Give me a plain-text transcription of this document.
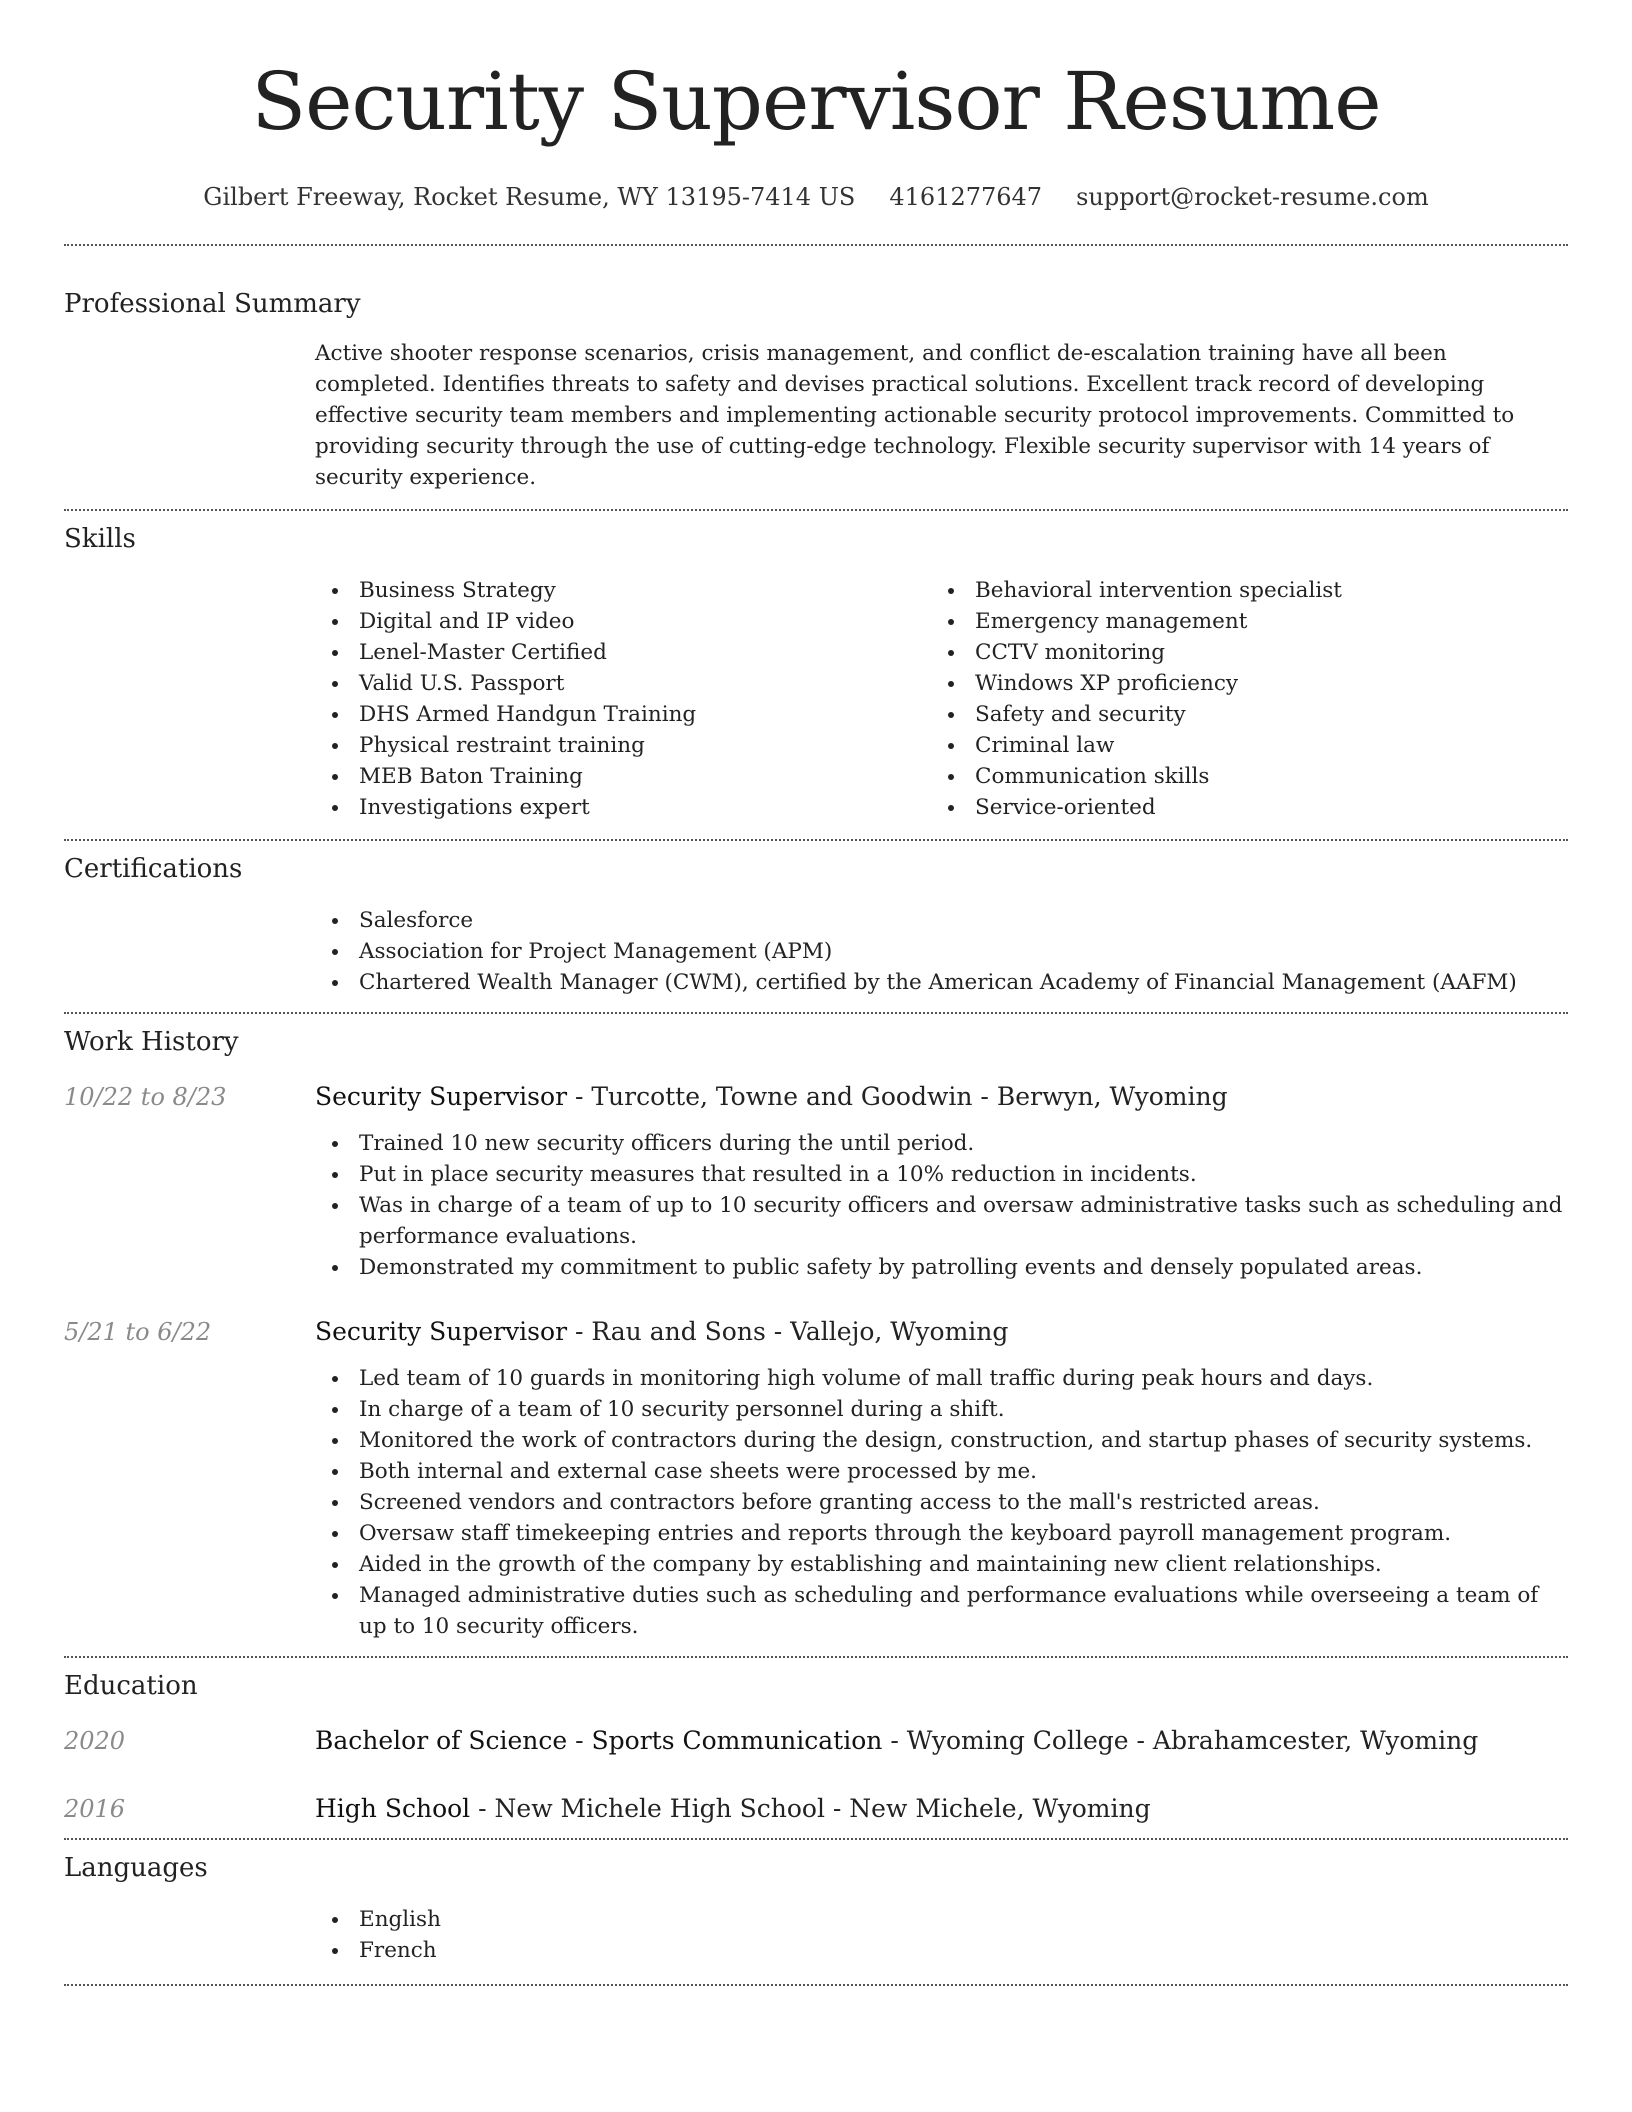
Security Supervisor Resume
Gilbert Freeway, Rocket Resume, WY 13195-7414 US 4161277647 support@rocket-resume.com
Professional Summary
Active shooter response scenarios, crisis management, and conflict de-escalation training have all been completed. Identifies threats to safety and devises practical solutions. Excellent track record of developing effective security team members and implementing actionable security protocol improvements. Committed to providing security through the use of cutting-edge technology. Flexible security supervisor with 14 years of security experience.
Skills
Business Strategy
Digital and IP video
Lenel-Master Certified
Valid U.S. Passport
DHS Armed Handgun Training
Physical restraint training
MEB Baton Training
Investigations expert
Behavioral intervention specialist
Emergency management
CCTV monitoring
Windows XP proficiency
Safety and security
Criminal law
Communication skills
Service-oriented
Certifications
Salesforce
Association for Project Management (APM)
Chartered Wealth Manager (CWM), certified by the American Academy of Financial Management (AAFM)
Work History
10/22 to 8/23	Security Supervisor - Turcotte, Towne and Goodwin - Berwyn, Wyoming
Trained 10 new security officers during the until period.
Put in place security measures that resulted in a 10% reduction in incidents.
Was in charge of a team of up to 10 security officers and oversaw administrative tasks such as scheduling and performance evaluations.
Demonstrated my commitment to public safety by patrolling events and densely populated areas.
5/21 to 6/22	Security Supervisor - Rau and Sons - Vallejo, Wyoming
Led team of 10 guards in monitoring high volume of mall traffic during peak hours and days.
In charge of a team of 10 security personnel during a shift.
Monitored the work of contractors during the design, construction, and startup phases of security systems.
Both internal and external case sheets were processed by me.
Screened vendors and contractors before granting access to the mall's restricted areas.
Oversaw staff timekeeping entries and reports through the keyboard payroll management program.
Aided in the growth of the company by establishing and maintaining new client relationships.
Managed administrative duties such as scheduling and performance evaluations while overseeing a team of up to 10 security officers.
Education
2020	Bachelor of Science - Sports Communication - Wyoming College - Abrahamcester, Wyoming
2016	High School - New Michele High School - New Michele, Wyoming
Languages
English
French
